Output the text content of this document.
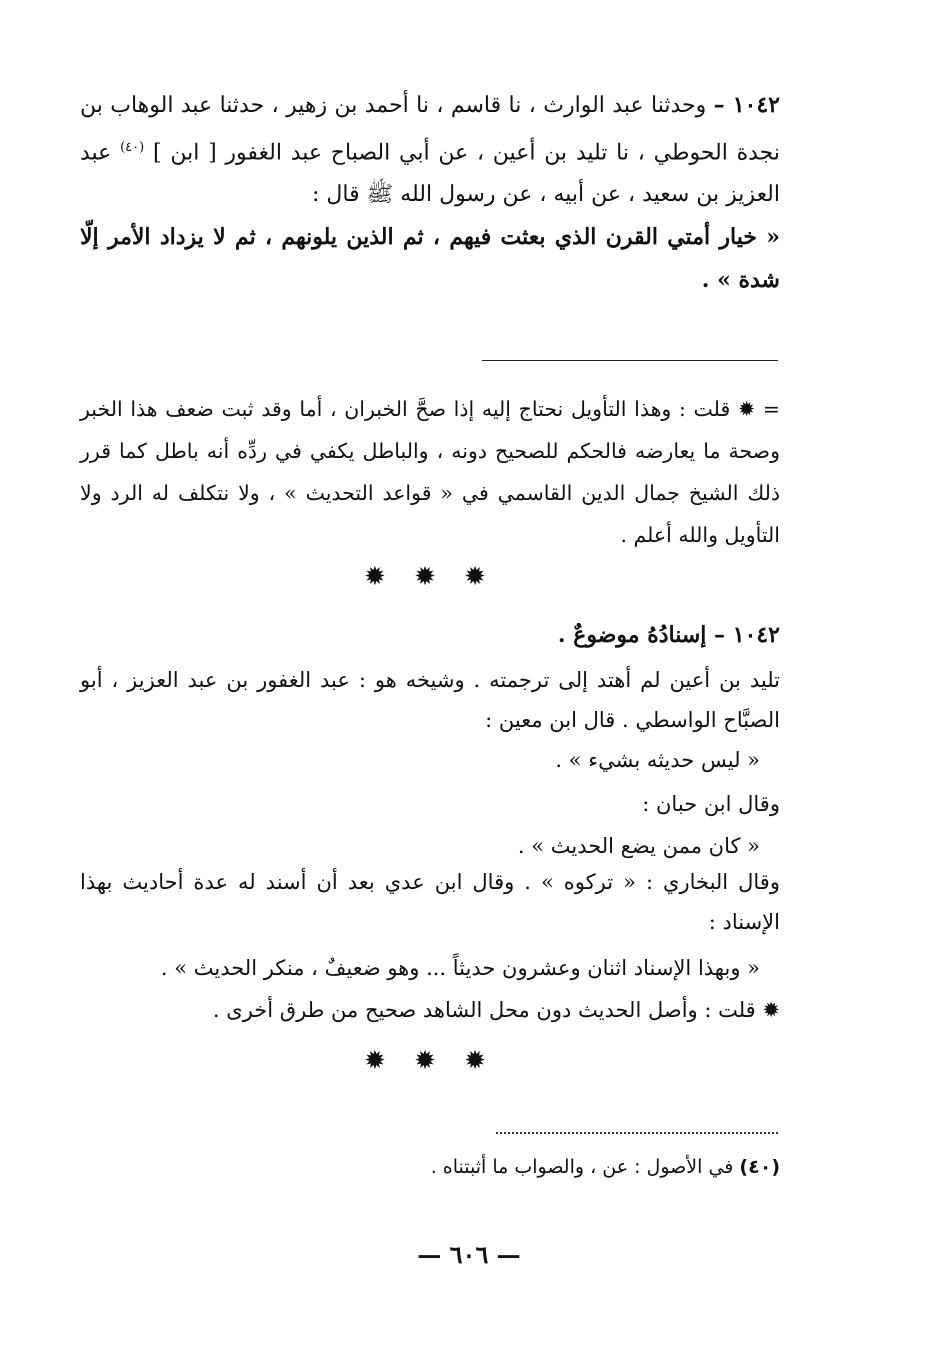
١٠٤٢ – وحدثنا عبد الوارث ، نا قاسم ، نا أحمد بن زهير ، حدثنا عبد الوهاب بن نجدة الحوطي ، نا تليد بن أعين ، عن أبي الصباح عبد الغفور [ ابن ] $^{(٤٠)}$ عبد العزيز بن سعيد ، عن أبيه ، عن رسول الله ﷺ قال :
« خيار أمتي القرن الذي بعثت فيهم ، ثم الذين يلونهم ، ثم لا يزداد الأمر إلّا شدة » .
= ✹ قلت : وهذا التأويل نحتاج إليه إذا صحَّ الخبران ، أما وقد ثبت ضعف هذا الخبر وصحة ما يعارضه فالحكم للصحيح دونه ، والباطل يكفي في ردِّه أنه باطل كما قرر ذلك الشيخ جمال الدين القاسمي في « قواعد التحديث » ، ولا نتكلف له الرد ولا التأويل والله أعلم .
✹ ✹ ✹
١٠٤٢ – إسنادُهُ موضوعٌ .
تليد بن أعين لم أهتد إلى ترجمته . وشيخه هو : عبد الغفور بن عبد العزيز ، أبو الصبَّاح الواسطي . قال ابن معين :
« ليس حديثه بشيء » .
وقال ابن حبان :
« كان ممن يضع الحديث » .
وقال البخاري : « تركوه » . وقال ابن عدي بعد أن أسند له عدة أحاديث بهذا الإسناد :
« وبهذا الإسناد اثنان وعشرون حديثاً ... وهو ضعيفٌ ، منكر الحديث » .
✹ قلت : وأصل الحديث دون محل الشاهد صحيح من طرق أخرى .
✹ ✹ ✹
(٤٠) في الأصول : عن ، والصواب ما أثبتناه .
— ٦٠٦ —
